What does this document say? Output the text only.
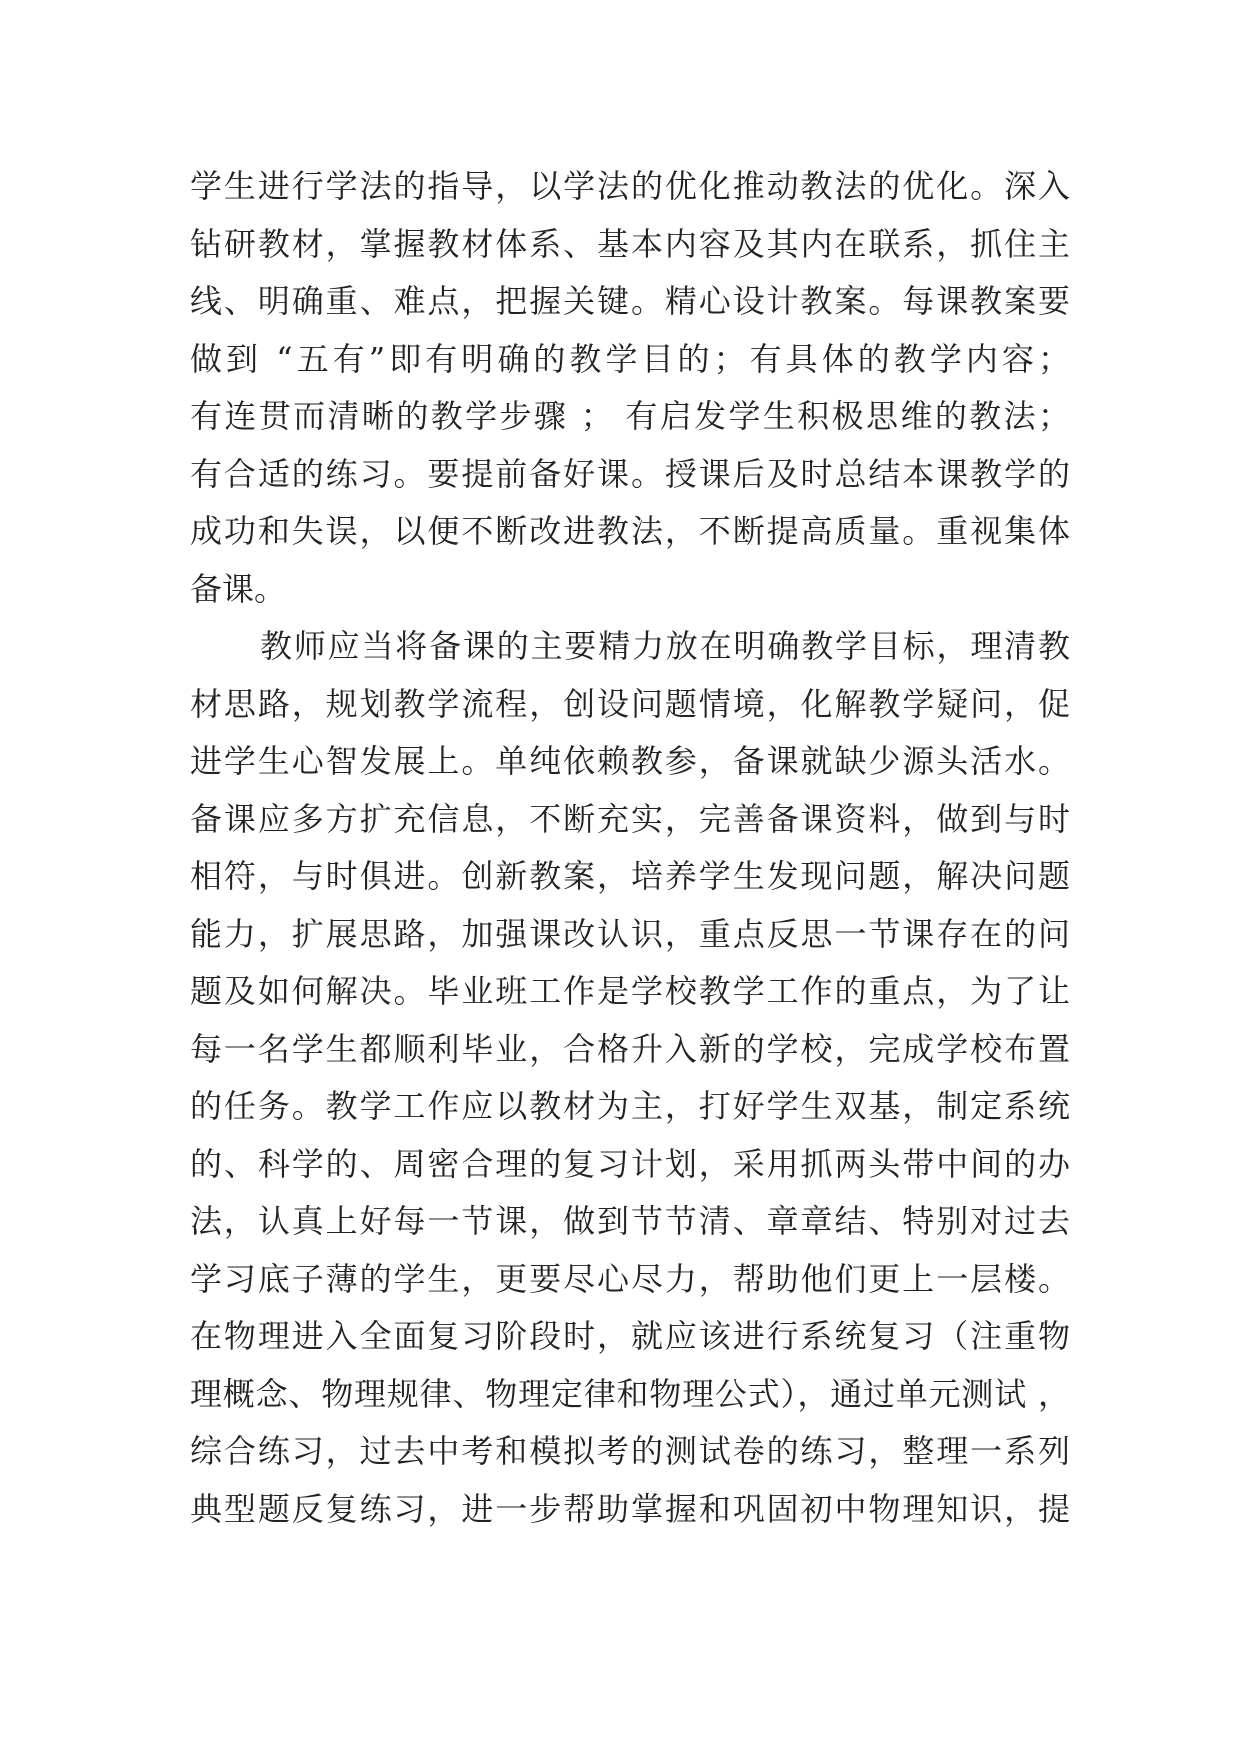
学生进行学法的指导，以学法的优化推动教法的优化。深入
钻研教材，掌握教材体系、基本内容及其内在联系，抓住主
线、明确重、难点，把握关键。精心设计教案。每课教案要
做到 “五有”即有明确的教学目的；有具体的教学内容；
有连贯而清晰的教学步骤 ； 有启发学生积极思维的教法；
有合适的练习。要提前备好课。授课后及时总结本课教学的
成功和失误，以便不断改进教法，不断提高质量。重视集体
备课。
教师应当将备课的主要精力放在明确教学目标，理清教
材思路，规划教学流程，创设问题情境，化解教学疑问，促
进学生心智发展上。单纯依赖教参，备课就缺少源头活水。
备课应多方扩充信息，不断充实，完善备课资料，做到与时
相符，与时俱进。创新教案，培养学生发现问题，解决问题
能力，扩展思路，加强课改认识，重点反思一节课存在的问
题及如何解决。毕业班工作是学校教学工作的重点，为了让
每一名学生都顺利毕业，合格升入新的学校，完成学校布置
的任务。教学工作应以教材为主，打好学生双基，制定系统
的、科学的、周密合理的复习计划，采用抓两头带中间的办
法，认真上好每一节课，做到节节清、章章结、特别对过去
学习底子薄的学生，更要尽心尽力，帮助他们更上一层楼。
在物理进入全面复习阶段时，就应该进行系统复习（注重物
理概念、物理规律、物理定律和物理公式），通过单元测试 ，
综合练习，过去中考和模拟考的测试卷的练习，整理一系列
典型题反复练习，进一步帮助掌握和巩固初中物理知识，提
